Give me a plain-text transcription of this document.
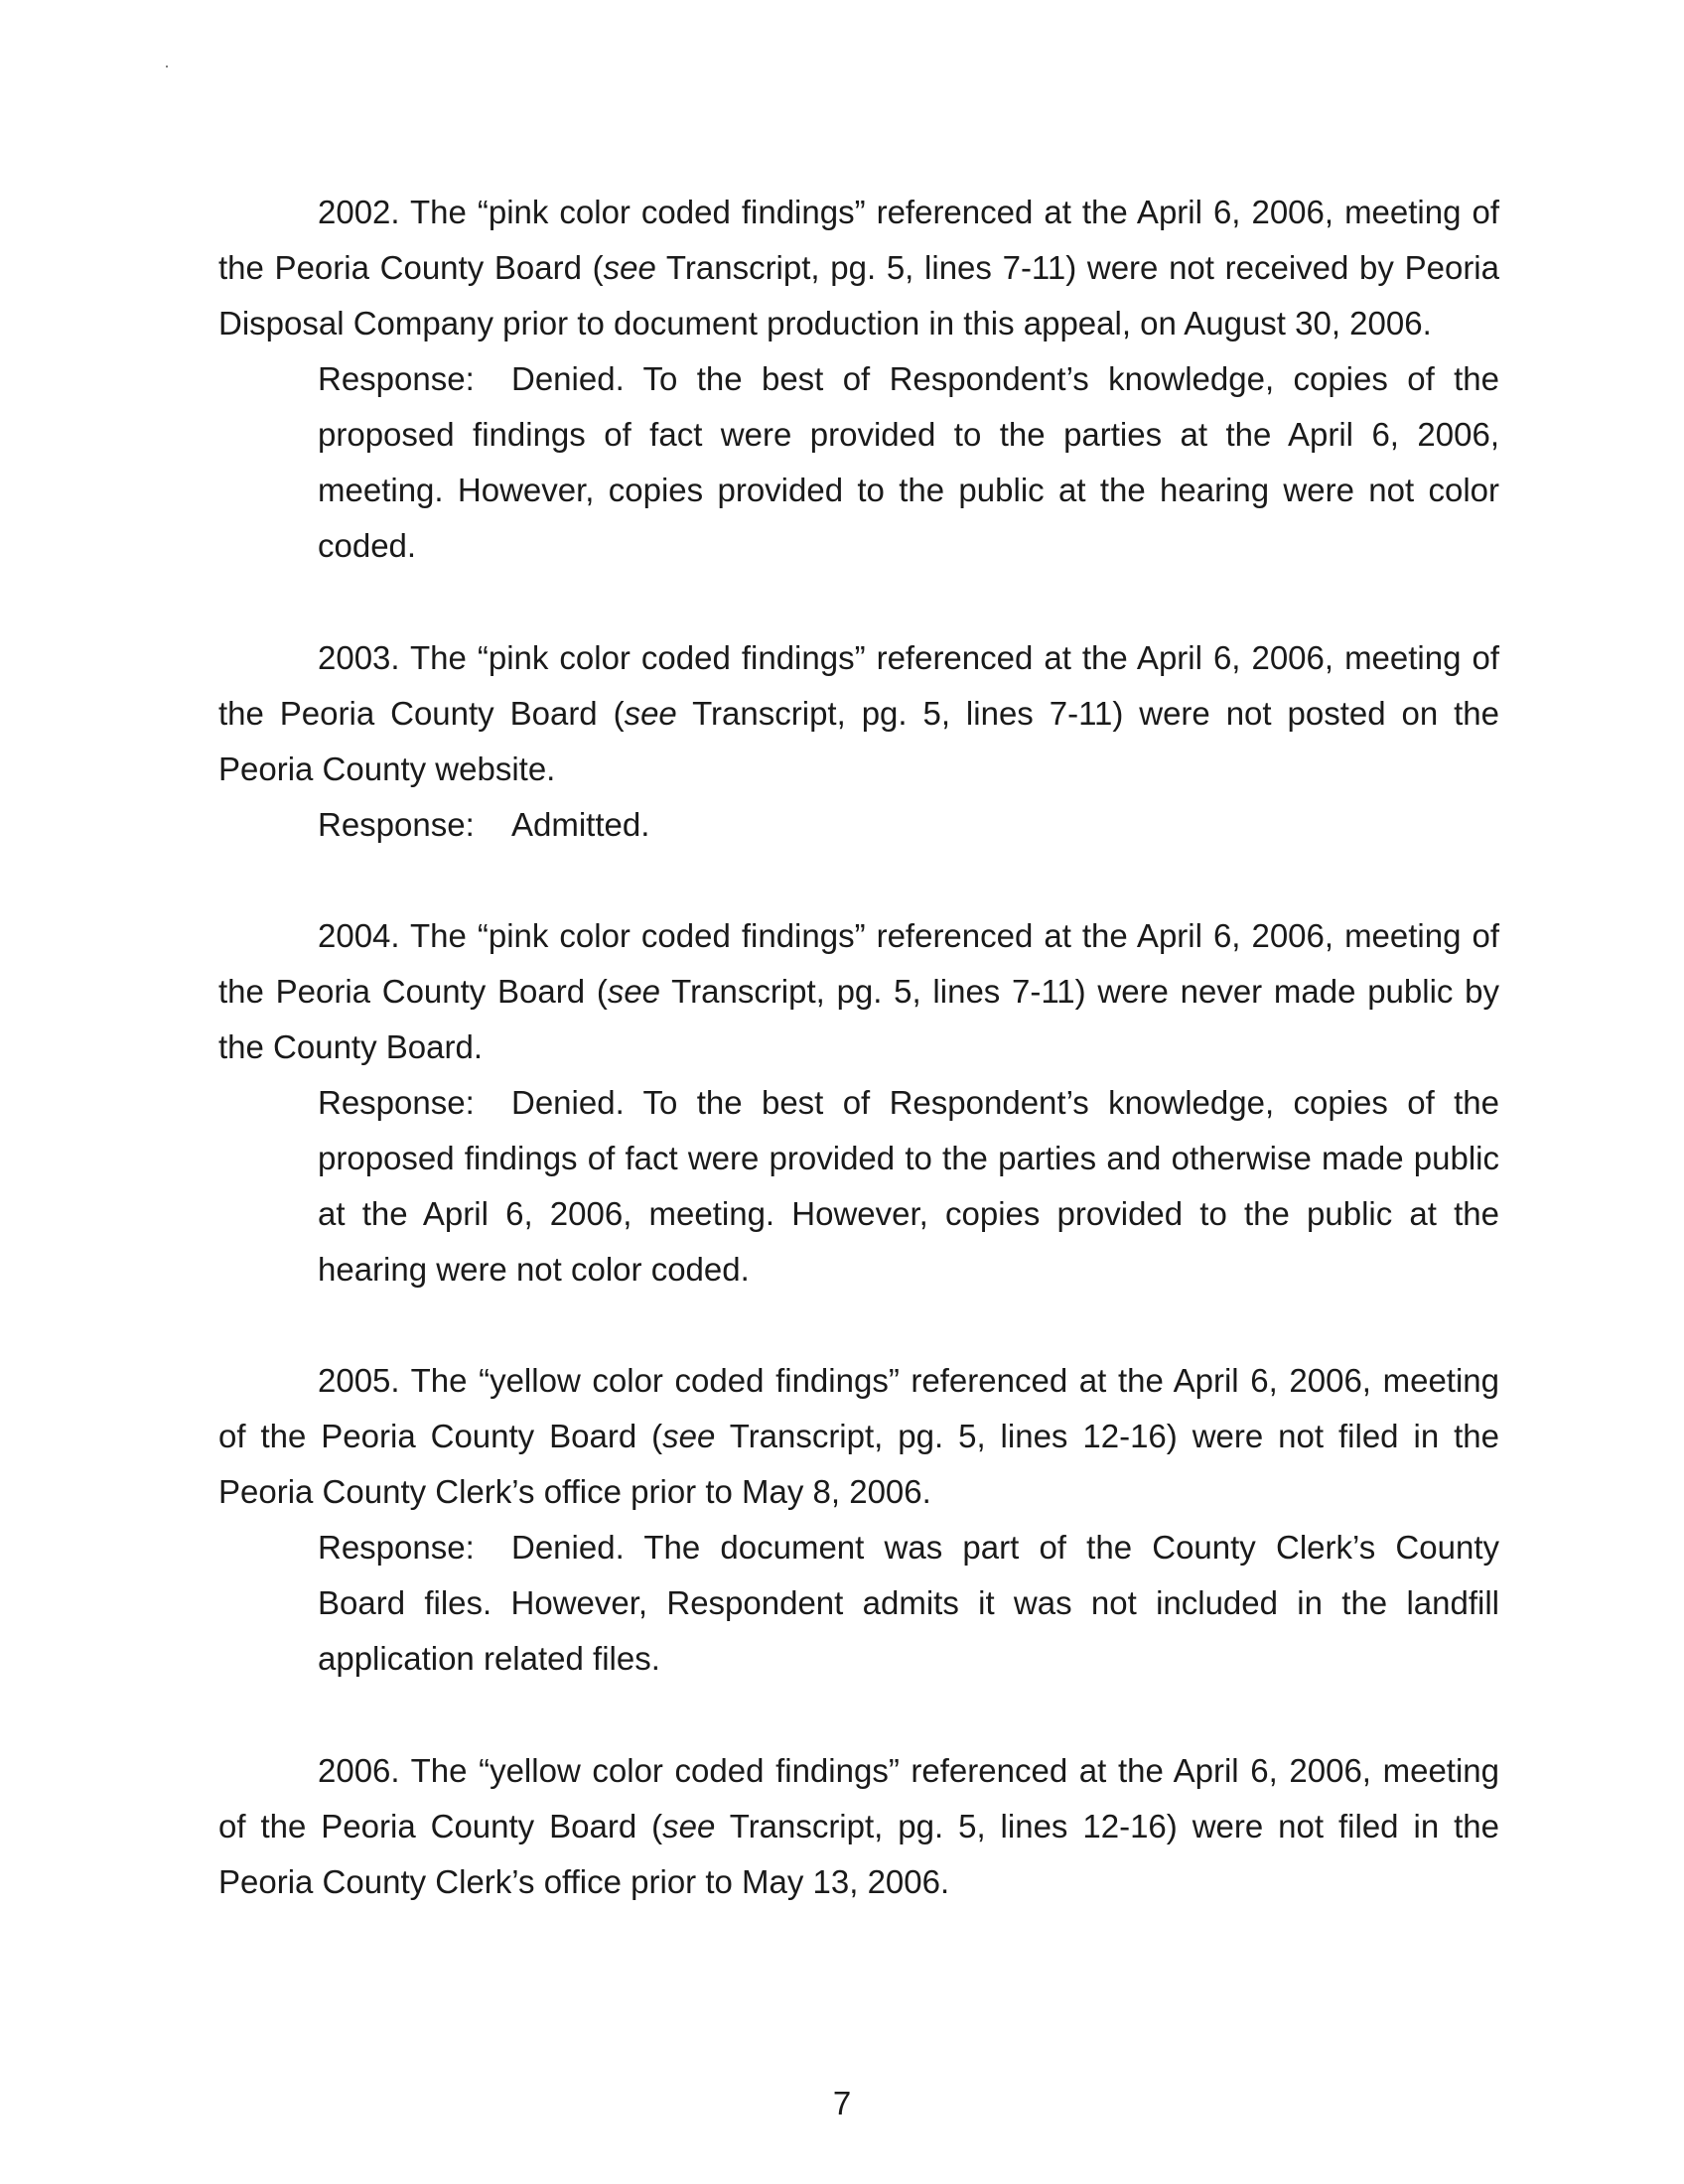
2002. The “pink color coded findings” referenced at the April 6, 2006, meeting of
the Peoria County Board (see Transcript, pg. 5, lines 7-11) were not received by Peoria
Disposal Company prior to document production in this appeal, on August 30, 2006.
Response: Denied. To the best of Respondent’s knowledge, copies of the
proposed findings of fact were provided to the parties at the April 6, 2006,
meeting. However, copies provided to the public at the hearing were not color
coded.
2003. The “pink color coded findings” referenced at the April 6, 2006, meeting of
the Peoria County Board (see Transcript, pg. 5, lines 7-11) were not posted on the
Peoria County website.
Response: Admitted.
2004. The “pink color coded findings” referenced at the April 6, 2006, meeting of
the Peoria County Board (see Transcript, pg. 5, lines 7-11) were never made public by
the County Board.
Response: Denied. To the best of Respondent’s knowledge, copies of the
proposed findings of fact were provided to the parties and otherwise made public
at the April 6, 2006, meeting. However, copies provided to the public at the
hearing were not color coded.
2005. The “yellow color coded findings” referenced at the April 6, 2006, meeting
of the Peoria County Board (see Transcript, pg. 5, lines 12-16) were not filed in the
Peoria County Clerk’s office prior to May 8, 2006.
Response: Denied. The document was part of the County Clerk’s County
Board files. However, Respondent admits it was not included in the landfill
application related files.
2006. The “yellow color coded findings” referenced at the April 6, 2006, meeting
of the Peoria County Board (see Transcript, pg. 5, lines 12-16) were not filed in the
Peoria County Clerk’s office prior to May 13, 2006.
7
